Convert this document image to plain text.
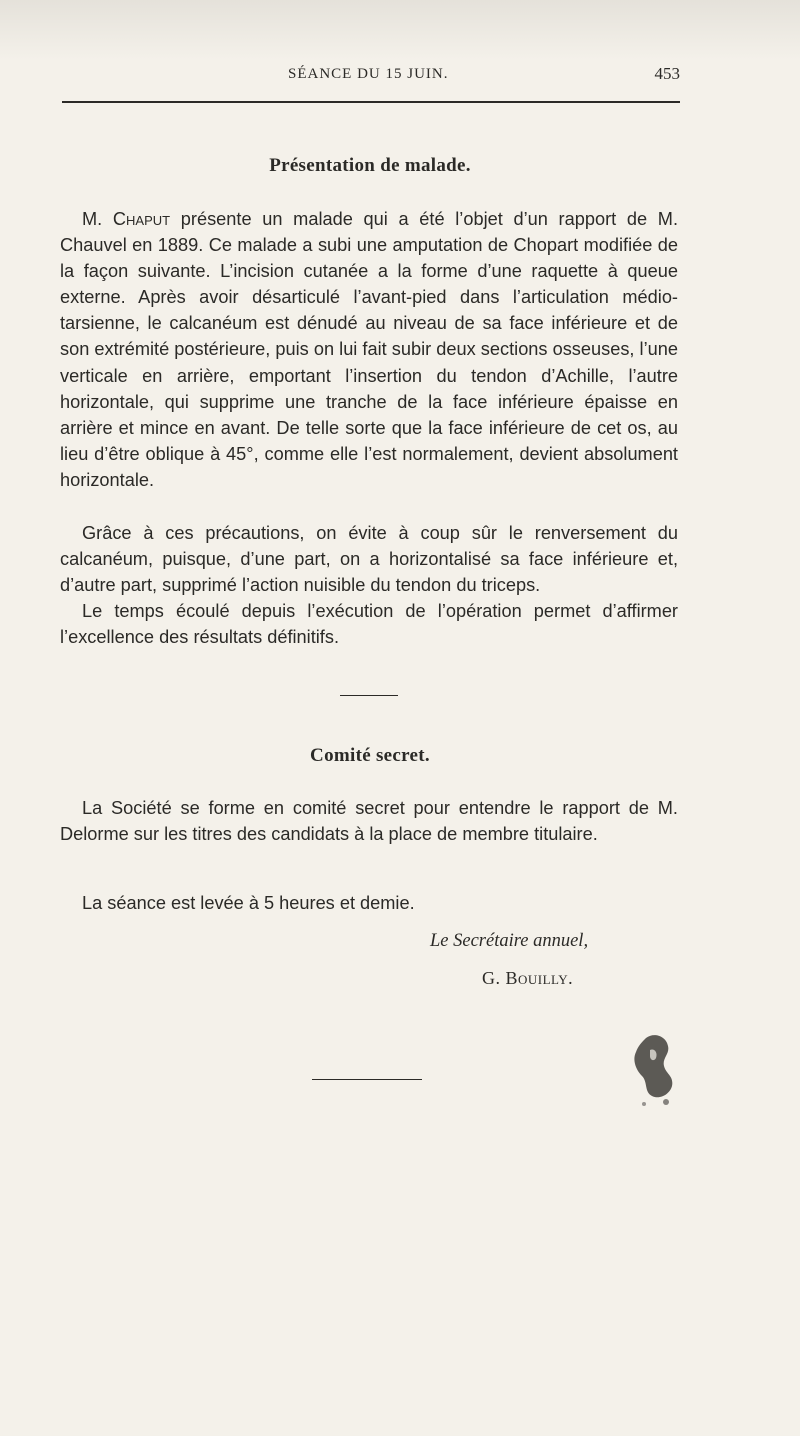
SÉANCE DU 15 JUIN.	453
Présentation de malade.

M. Chaput présente un malade qui a été l’objet d’un rapport de M. Chauvel en 1889. Ce malade a subi une amputation de Chopart modifiée de la façon suivante. L’incision cutanée a la forme d’une raquette à queue externe. Après avoir désarticulé l’avant-pied dans l’articulation médio-tarsienne, le calcanéum est dénudé au niveau de sa face inférieure et de son extrémité postérieure, puis on lui fait subir deux sections osseuses, l’une verticale en arrière, emportant l’insertion du tendon d’Achille, l’autre horizontale, qui supprime une tranche de la face inférieure épaisse en arrière et mince en avant. De telle sorte que la face inférieure de cet os, au lieu d’être oblique à 45°, comme elle l’est normalement, devient absolument horizontale.

Grâce à ces précautions, on évite à coup sûr le renversement du calcanéum, puisque, d’une part, on a horizontalisé sa face inférieure et, d’autre part, supprimé l’action nuisible du tendon du triceps.

Le temps écoulé depuis l’exécution de l’opération permet d’affirmer l’excellence des résultats définitifs.

Comité secret.

La Société se forme en comité secret pour entendre le rapport de M. Delorme sur les titres des candidats à la place de membre titulaire.

La séance est levée à 5 heures et demie.
Le Secrétaire annuel,
G. Bouilly.
